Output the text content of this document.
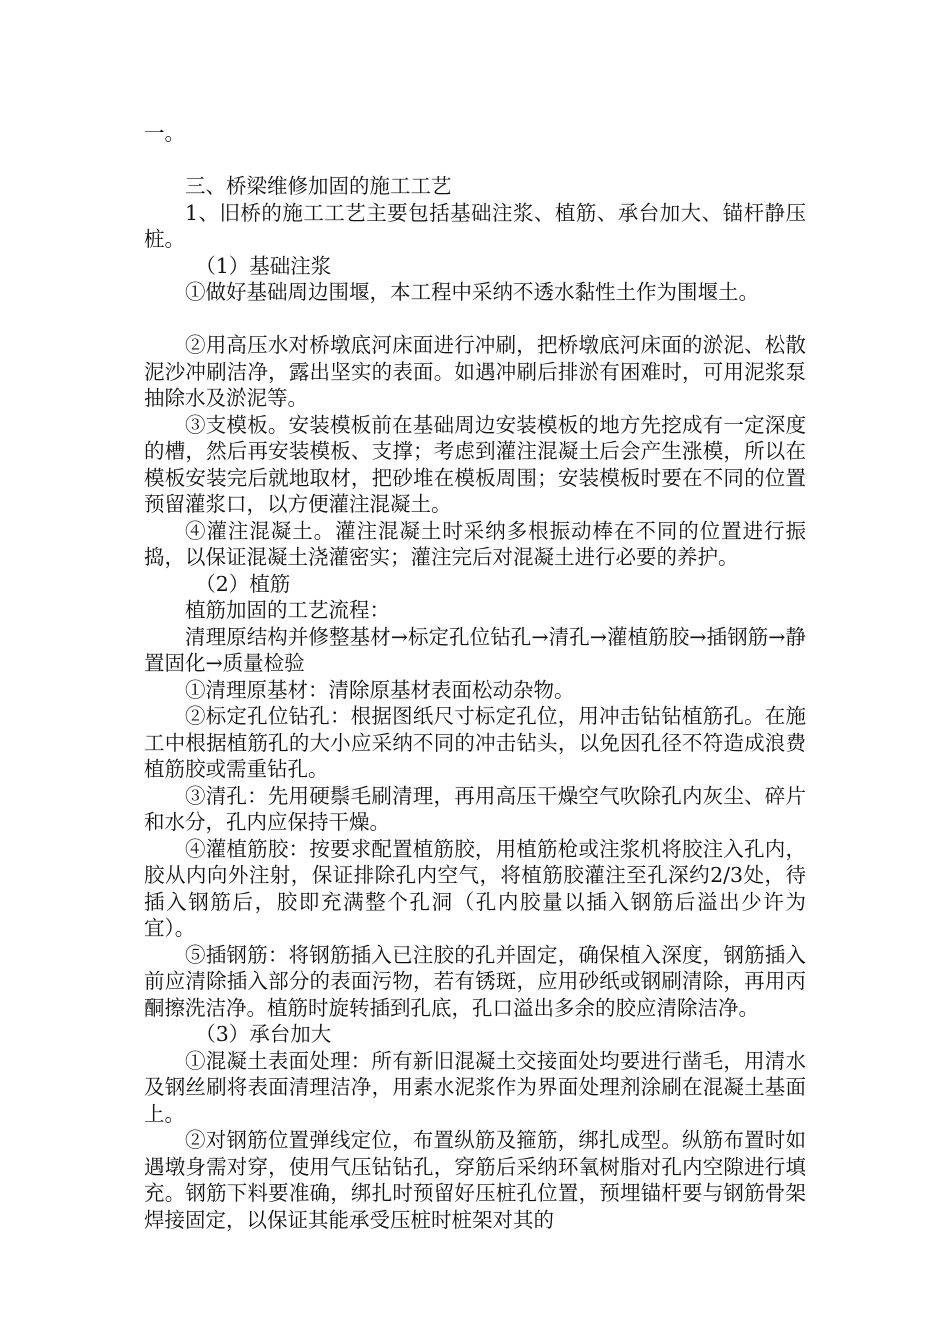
一。

三、桥梁维修加固的施工工艺

1、旧桥的施工工艺主要包括基础注浆、植筋、承台加大、锚杆静压桩。

（1）基础注浆

①做好基础周边围堰，本工程中采纳不透水黏性土作为围堰土。

②用高压水对桥墩底河床面进行冲刷，把桥墩底河床面的淤泥、松散泥沙冲刷洁净，露出坚实的表面。如遇冲刷后排淤有困难时，可用泥浆泵抽除水及淤泥等。

③支模板。安装模板前在基础周边安装模板的地方先挖成有一定深度的槽，然后再安装模板、支撑；考虑到灌注混凝土后会产生涨模，所以在模板安装完后就地取材，把砂堆在模板周围；安装模板时要在不同的位置预留灌浆口，以方便灌注混凝土。

④灌注混凝土。灌注混凝土时采纳多根振动棒在不同的位置进行振捣，以保证混凝土浇灌密实；灌注完后对混凝土进行必要的养护。

（2）植筋

植筋加固的工艺流程：

清理原结构并修整基材→标定孔位钻孔→清孔→灌植筋胶→插钢筋→静置固化→质量检验

①清理原基材：清除原基材表面松动杂物。

②标定孔位钻孔：根据图纸尺寸标定孔位，用冲击钻钻植筋孔。在施工中根据植筋孔的大小应采纳不同的冲击钻头，以免因孔径不符造成浪费植筋胶或需重钻孔。

③清孔：先用硬鬃毛刷清理，再用高压干燥空气吹除孔内灰尘、碎片和水分，孔内应保持干燥。

④灌植筋胶：按要求配置植筋胶，用植筋枪或注浆机将胶注入孔内，胶从内向外注射，保证排除孔内空气，将植筋胶灌注至孔深约2/3处，待插入钢筋后，胶即充满整个孔洞（孔内胶量以插入钢筋后溢出少许为宜）。

⑤插钢筋：将钢筋插入已注胶的孔并固定，确保植入深度，钢筋插入前应清除插入部分的表面污物，若有锈斑，应用砂纸或钢刷清除，再用丙酮擦洗洁净。植筋时旋转插到孔底，孔口溢出多余的胶应清除洁净。

（3）承台加大

①混凝土表面处理：所有新旧混凝土交接面处均要进行凿毛，用清水及钢丝刷将表面清理洁净，用素水泥浆作为界面处理剂涂刷在混凝土基面上。

②对钢筋位置弹线定位，布置纵筋及箍筋，绑扎成型。纵筋布置时如遇墩身需对穿，使用气压钻钻孔，穿筋后采纳环氧树脂对孔内空隙进行填充。钢筋下料要准确，绑扎时预留好压桩孔位置，预埋锚杆要与钢筋骨架焊接固定，以保证其能承受压桩时桩架对其的
